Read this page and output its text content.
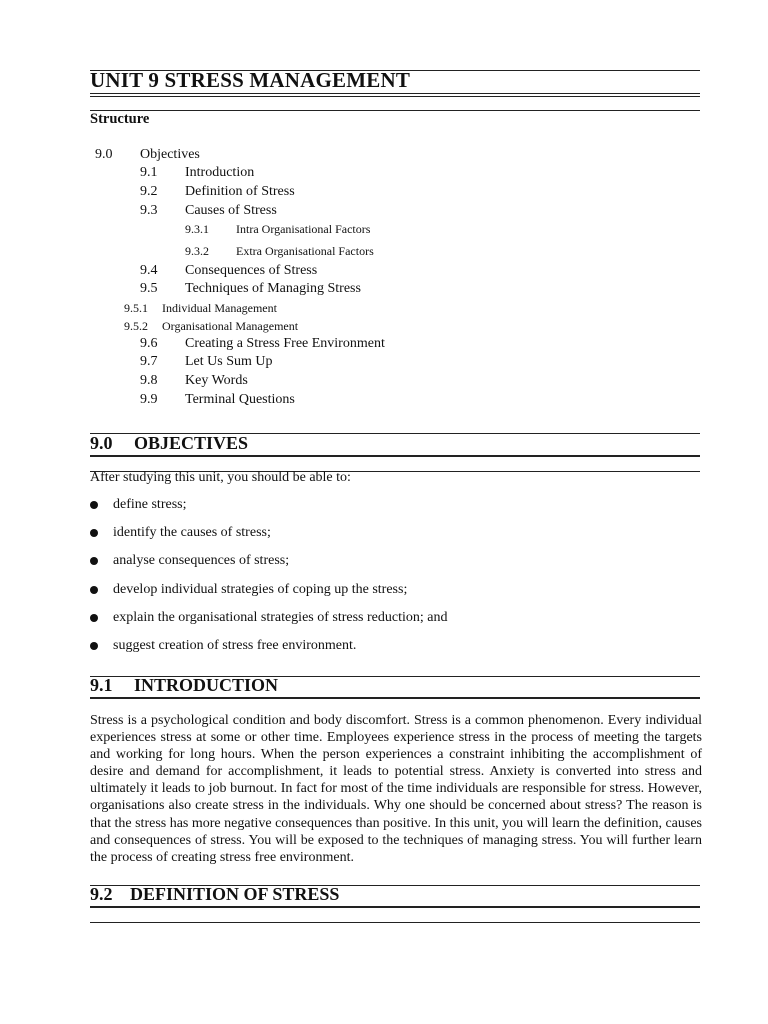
UNIT 9 STRESS MANAGEMENT
Structure
9.0 Objectives
9.1 Introduction
9.2 Definition of Stress
9.3 Causes of Stress
9.3.1 Intra Organisational Factors
9.3.2 Extra Organisational Factors
9.4 Consequences of Stress
9.5 Techniques of Managing Stress
9.5.1 Individual Management
9.5.2 Organisational Management
9.6 Creating a Stress Free Environment
9.7 Let Us Sum Up
9.8 Key Words
9.9 Terminal Questions
9.0 OBJECTIVES
After studying this unit, you should be able to:
define stress;
identify the causes of stress;
analyse consequences of stress;
develop individual strategies of coping up the stress;
explain the organisational strategies of stress reduction; and
suggest creation of stress free environment.
9.1 INTRODUCTION
Stress is a psychological condition and body discomfort. Stress is a common phenomenon. Every individual experiences stress at some or other time. Employees experience stress in the process of meeting the targets and working for long hours. When the person experiences a constraint inhibiting the accomplishment of desire and demand for accomplishment, it leads to potential stress. Anxiety is converted into stress and ultimately it leads to job burnout. In fact for most of the time individuals are responsible for stress. However, organisations also create stress in the individuals. Why one should be concerned about stress? The reason is that the stress has more negative consequences than positive. In this unit, you will learn the definition, causes and consequences of stress. You will be exposed to the techniques of managing stress. You will further learn the process of creating stress free environment.
9.2 DEFINITION OF STRESS
